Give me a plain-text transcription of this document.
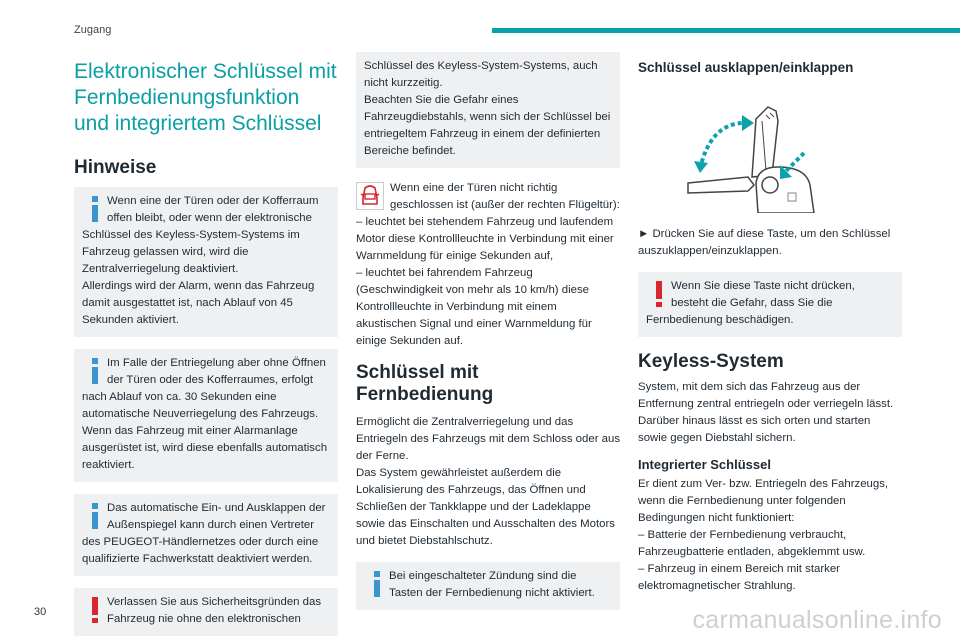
Zugang
Elektronischer Schlüssel mit Fernbedienungsfunktion und integriertem Schlüssel
Hinweise
Wenn eine der Türen oder der Kofferraum offen bleibt, oder wenn der elektronische Schlüssel des Keyless-System-Systems im Fahrzeug gelassen wird, wird die Zentralverriegelung deaktiviert.
Allerdings wird der Alarm, wenn das Fahrzeug damit ausgestattet ist, nach Ablauf von 45 Sekunden aktiviert.
Im Falle der Entriegelung aber ohne Öffnen der Türen oder des Kofferraumes, erfolgt nach Ablauf von ca. 30 Sekunden eine automatische Neuverriegelung des Fahrzeugs.
Wenn das Fahrzeug mit einer Alarmanlage ausgerüstet ist, wird diese ebenfalls automatisch reaktiviert.
Das automatische Ein- und Ausklappen der Außenspiegel kann durch einen Vertreter des PEUGEOT-Händlernetzes oder durch eine qualifizierte Fachwerkstatt deaktiviert werden.
Verlassen Sie aus Sicherheitsgründen das Fahrzeug nie ohne den elektronischen
Schlüssel des Keyless-System-Systems, auch nicht kurzzeitig.
Beachten Sie die Gefahr eines Fahrzeugdiebstahls, wenn sich der Schlüssel bei entriegeltem Fahrzeug in einem der definierten Bereiche befindet.
Wenn eine der Türen nicht richtig geschlossen ist (außer der rechten Flügeltür):
– leuchtet bei stehendem Fahrzeug und laufendem Motor diese Kontrollleuchte in Verbindung mit einer Warnmeldung für einige Sekunden auf,
– leuchtet bei fahrendem Fahrzeug (Geschwindigkeit von mehr als 10 km/h) diese Kontrollleuchte in Verbindung mit einem akustischen Signal und einer Warnmeldung für einige Sekunden auf.
Schlüssel mit Fernbedienung
Ermöglicht die Zentralverriegelung und das Entriegeln des Fahrzeugs mit dem Schloss oder aus der Ferne.
Das System gewährleistet außerdem die Lokalisierung des Fahrzeugs, das Öffnen und Schließen der Tankklappe und der Ladeklappe sowie das Einschalten und Ausschalten des Motors und bietet Diebstahlschutz.
Bei eingeschalteter Zündung sind die Tasten der Fernbedienung nicht aktiviert.
Schlüssel ausklappen/einklappen
► Drücken Sie auf diese Taste, um den Schlüssel auszuklappen/einzuklappen.
Wenn Sie diese Taste nicht drücken, besteht die Gefahr, dass Sie die Fernbedienung beschädigen.
Keyless-System
System, mit dem sich das Fahrzeug aus der Entfernung zentral entriegeln oder verriegeln lässt. Darüber hinaus lässt es sich orten und starten sowie gegen Diebstahl sichern.
Integrierter Schlüssel
Er dient zum Ver- bzw. Entriegeln des Fahrzeugs, wenn die Fernbedienung unter folgenden Bedingungen nicht funktioniert:
– Batterie der Fernbedienung verbraucht, Fahrzeugbatterie entladen, abgeklemmt usw.
– Fahrzeug in einem Bereich mit starker elektromagnetischer Strahlung.
30	carmanualsonline.info
